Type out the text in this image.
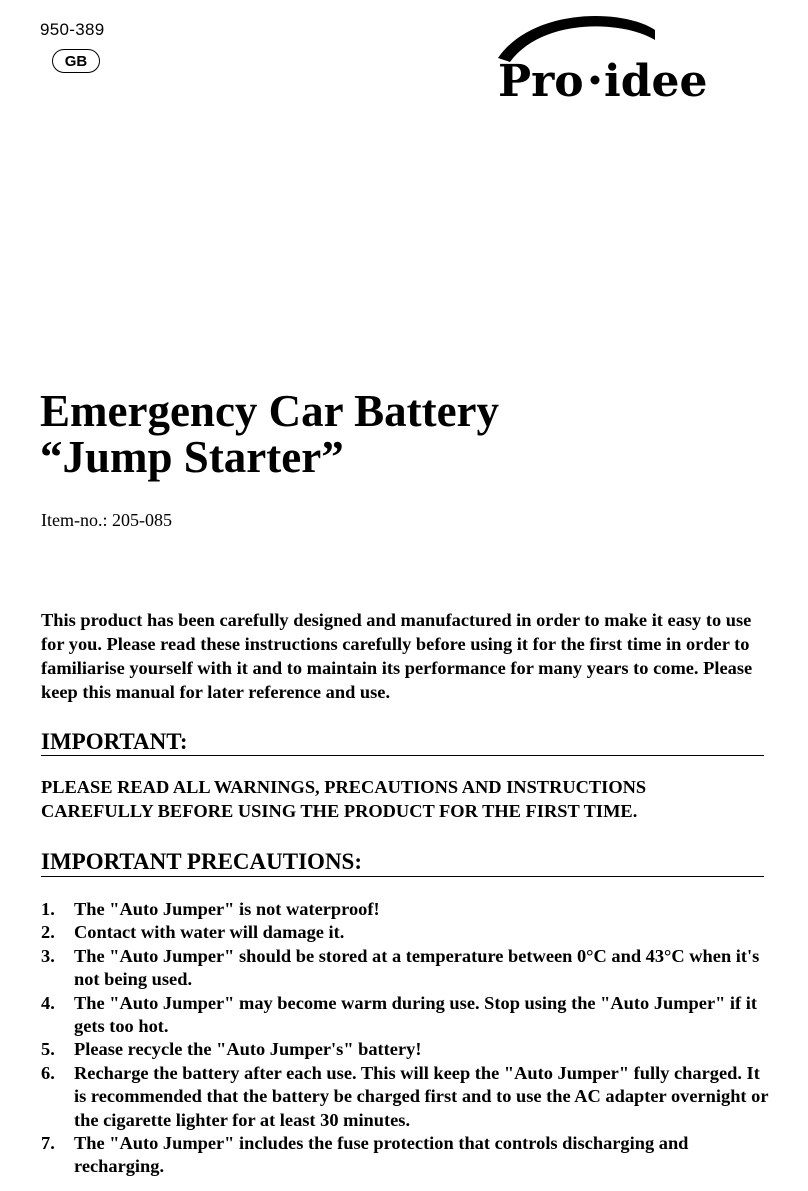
950-389
GB	Pro idee
Emergency Car Battery
“Jump Starter”
Item-no.: 205-085

This product has been carefully designed and manufactured in order to make it easy to use for you. Please read these instructions carefully before using it for the first time in order to familiarise yourself with it and to maintain its performance for many years to come. Please keep this manual for later reference and use.

IMPORTANT:

PLEASE READ ALL WARNINGS, PRECAUTIONS AND INSTRUCTIONS
CAREFULLY BEFORE USING THE PRODUCT FOR THE FIRST TIME.

IMPORTANT PRECAUTIONS:
1.	The "Auto Jumper" is not waterproof!
2.	Contact with water will damage it.
3.	The "Auto Jumper" should be stored at a temperature between 0°C and 43°C when it's not being used.
4.	The "Auto Jumper" may become warm during use. Stop using the "Auto Jumper" if it gets too hot.
5.	Please recycle the "Auto Jumper's" battery!
6.	Recharge the battery after each use. This will keep the "Auto Jumper" fully charged. It is recommended that the battery be charged first and to use the AC adapter overnight or the cigarette lighter for at least 30 minutes.
7.	The "Auto Jumper" includes the fuse protection that controls discharging and recharging.
